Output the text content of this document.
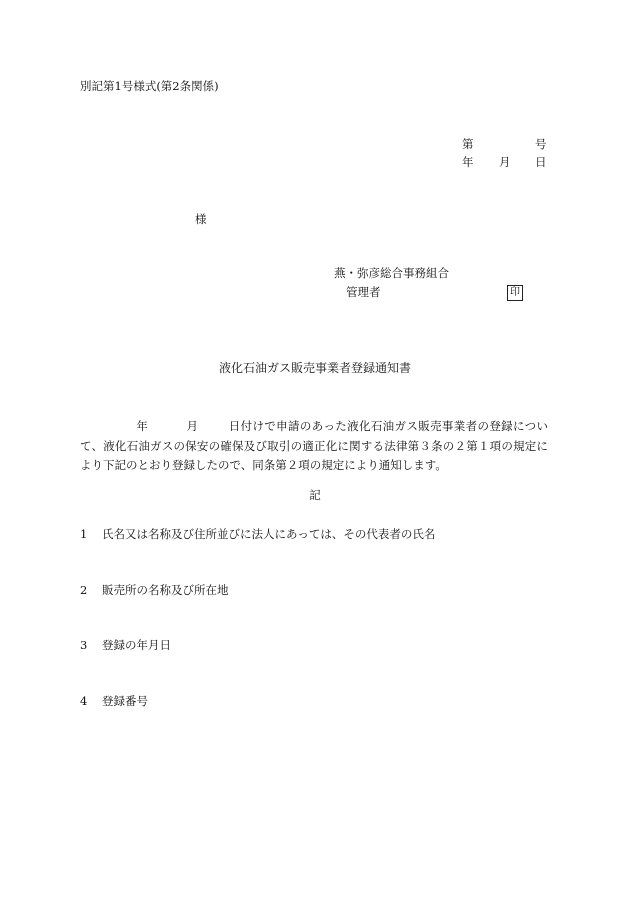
別記第1号様式(第2条関係)
第	号
年 月 日
様
燕・弥彦総合事務組合
管理者	印
液化石油ガス販売事業者登録通知書
年	月	日付けで申請のあった液化石油ガス販売事業者の登録について、液化石油ガスの保安の確保及び取引の適正化に関する法律第３条の２第１項の規定により下記のとおり登録したので、同条第２項の規定により通知します。
記
1 氏名又は名称及び住所並びに法人にあっては、その代表者の氏名
2 販売所の名称及び所在地
3 登録の年月日
4 登録番号
